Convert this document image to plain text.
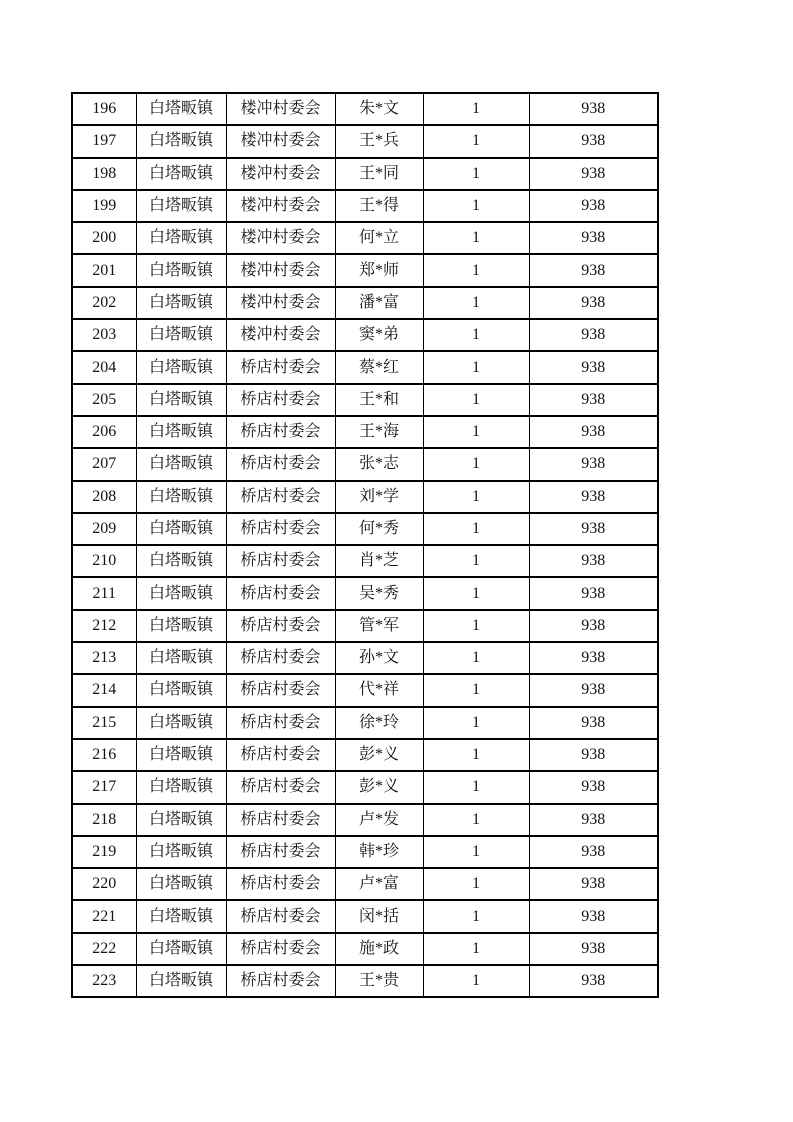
196	白塔畈镇	楼冲村委会	朱*文	1	938
197	白塔畈镇	楼冲村委会	王*兵	1	938
198	白塔畈镇	楼冲村委会	王*同	1	938
199	白塔畈镇	楼冲村委会	王*得	1	938
200	白塔畈镇	楼冲村委会	何*立	1	938
201	白塔畈镇	楼冲村委会	郑*师	1	938
202	白塔畈镇	楼冲村委会	潘*富	1	938
203	白塔畈镇	楼冲村委会	窦*弟	1	938
204	白塔畈镇	桥店村委会	蔡*红	1	938
205	白塔畈镇	桥店村委会	王*和	1	938
206	白塔畈镇	桥店村委会	王*海	1	938
207	白塔畈镇	桥店村委会	张*志	1	938
208	白塔畈镇	桥店村委会	刘*学	1	938
209	白塔畈镇	桥店村委会	何*秀	1	938
210	白塔畈镇	桥店村委会	肖*芝	1	938
211	白塔畈镇	桥店村委会	吴*秀	1	938
212	白塔畈镇	桥店村委会	管*军	1	938
213	白塔畈镇	桥店村委会	孙*文	1	938
214	白塔畈镇	桥店村委会	代*祥	1	938
215	白塔畈镇	桥店村委会	徐*玲	1	938
216	白塔畈镇	桥店村委会	彭*义	1	938
217	白塔畈镇	桥店村委会	彭*义	1	938
218	白塔畈镇	桥店村委会	卢*发	1	938
219	白塔畈镇	桥店村委会	韩*珍	1	938
220	白塔畈镇	桥店村委会	卢*富	1	938
221	白塔畈镇	桥店村委会	闵*括	1	938
222	白塔畈镇	桥店村委会	施*政	1	938
223	白塔畈镇	桥店村委会	王*贵	1	938
